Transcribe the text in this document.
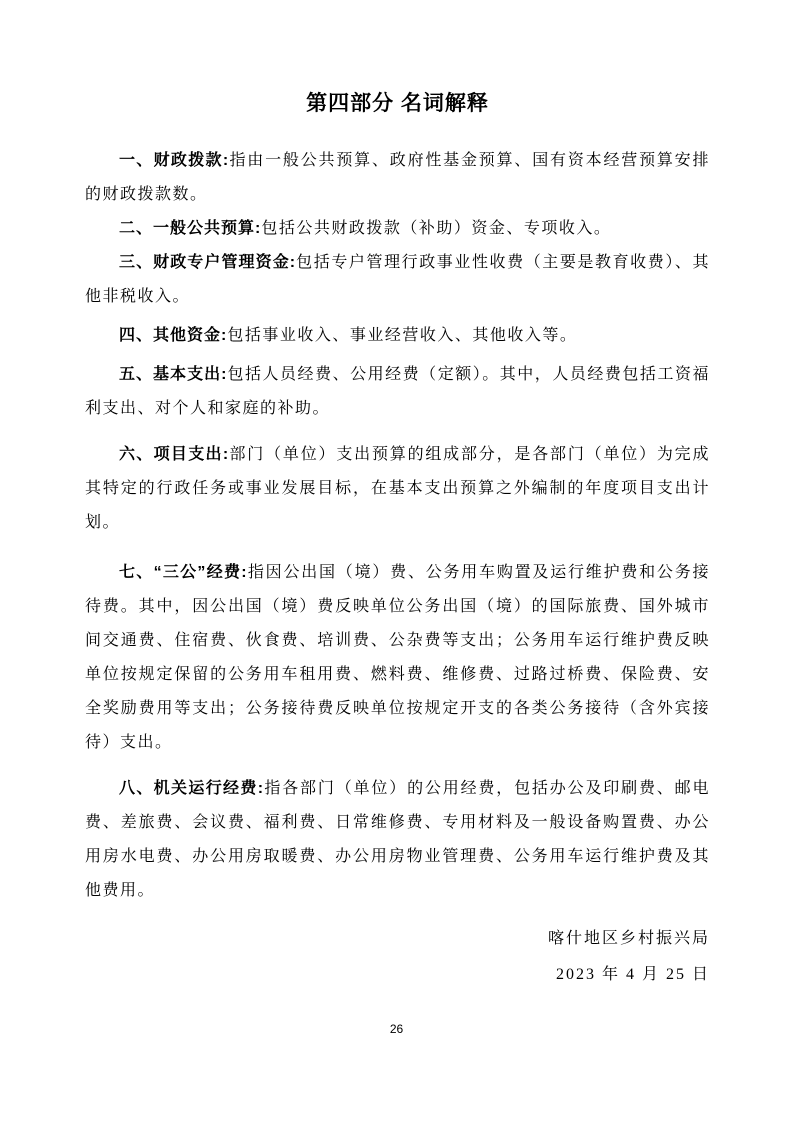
第四部分 名词解释

一、财政拨款:指由一般公共预算、政府性基金预算、国有资本经营预算安排的财政拨款数。

二、一般公共预算:包括公共财政拨款（补助）资金、专项收入。

三、财政专户管理资金:包括专户管理行政事业性收费（主要是教育收费）、其他非税收入。

四、其他资金:包括事业收入、事业经营收入、其他收入等。

五、基本支出:包括人员经费、公用经费（定额）。其中，人员经费包括工资福利支出、对个人和家庭的补助。

六、项目支出:部门（单位）支出预算的组成部分，是各部门（单位）为完成其特定的行政任务或事业发展目标，在基本支出预算之外编制的年度项目支出计划。

七、“三公”经费:指因公出国（境）费、公务用车购置及运行维护费和公务接待费。其中，因公出国（境）费反映单位公务出国（境）的国际旅费、国外城市间交通费、住宿费、伙食费、培训费、公杂费等支出；公务用车运行维护费反映单位按规定保留的公务用车租用费、燃料费、维修费、过路过桥费、保险费、安全奖励费用等支出；公务接待费反映单位按规定开支的各类公务接待（含外宾接待）支出。

八、机关运行经费:指各部门（单位）的公用经费，包括办公及印刷费、邮电费、差旅费、会议费、福利费、日常维修费、专用材料及一般设备购置费、办公用房水电费、办公用房取暖费、办公用房物业管理费、公务用车运行维护费及其他费用。

喀什地区乡村振兴局

2023 年 4 月 25 日

26
